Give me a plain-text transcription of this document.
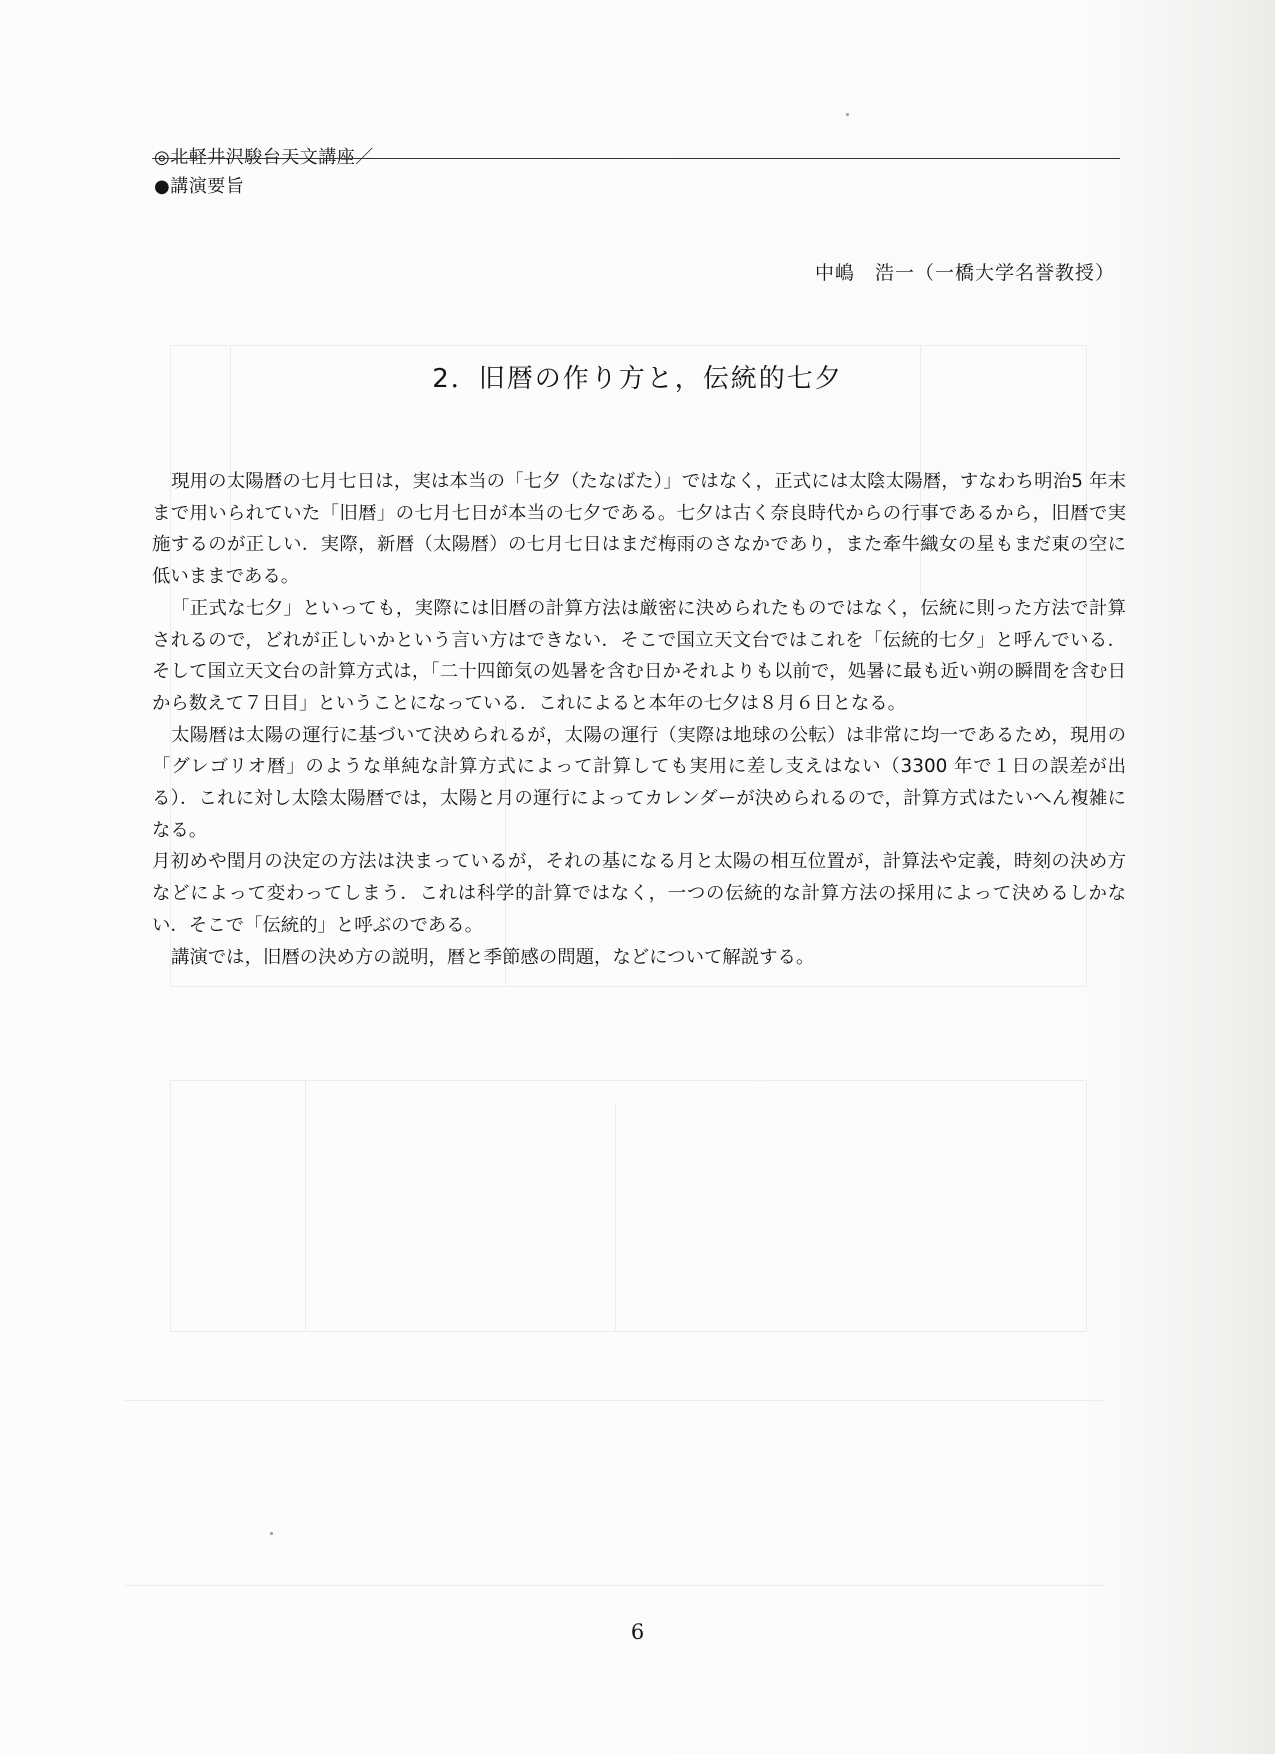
◎北軽井沢駿台天文講座／
●講演要旨
中嶋　浩一（一橋大学名誉教授）
2．旧暦の作り方と，伝統的七夕

現用の太陽暦の七月七日は，実は本当の「七夕（たなばた）」ではなく，正式には太陰太陽暦，すなわち明治5 年末まで用いられていた「旧暦」の七月七日が本当の七夕である。七夕は古く奈良時代からの行事であるから，旧暦で実施するのが正しい．実際，新暦（太陽暦）の七月七日はまだ梅雨のさなかであり，また牽牛織女の星もまだ東の空に低いままである。

「正式な七夕」といっても，実際には旧暦の計算方法は厳密に決められたものではなく，伝統に則った方法で計算されるので，どれが正しいかという言い方はできない．そこで国立天文台ではこれを「伝統的七夕」と呼んでいる．そして国立天文台の計算方式は，「二十四節気の処暑を含む日かそれよりも以前で，処暑に最も近い朔の瞬間を含む日から数えて７日目」ということになっている．これによると本年の七夕は８月６日となる。

太陽暦は太陽の運行に基づいて決められるが，太陽の運行（実際は地球の公転）は非常に均一であるため，現用の「グレゴリオ暦」のような単純な計算方式によって計算しても実用に差し支えはない（3300 年で１日の誤差が出る）．これに対し太陰太陽暦では，太陽と月の運行によってカレンダーが決められるので，計算方式はたいへん複雑になる。

月初めや閏月の決定の方法は決まっているが，それの基になる月と太陽の相互位置が，計算法や定義，時刻の決め方などによって変わってしまう．これは科学的計算ではなく，一つの伝統的な計算方法の採用によって決めるしかない．そこで「伝統的」と呼ぶのである。

講演では，旧暦の決め方の説明，暦と季節感の問題，などについて解説する。

6
